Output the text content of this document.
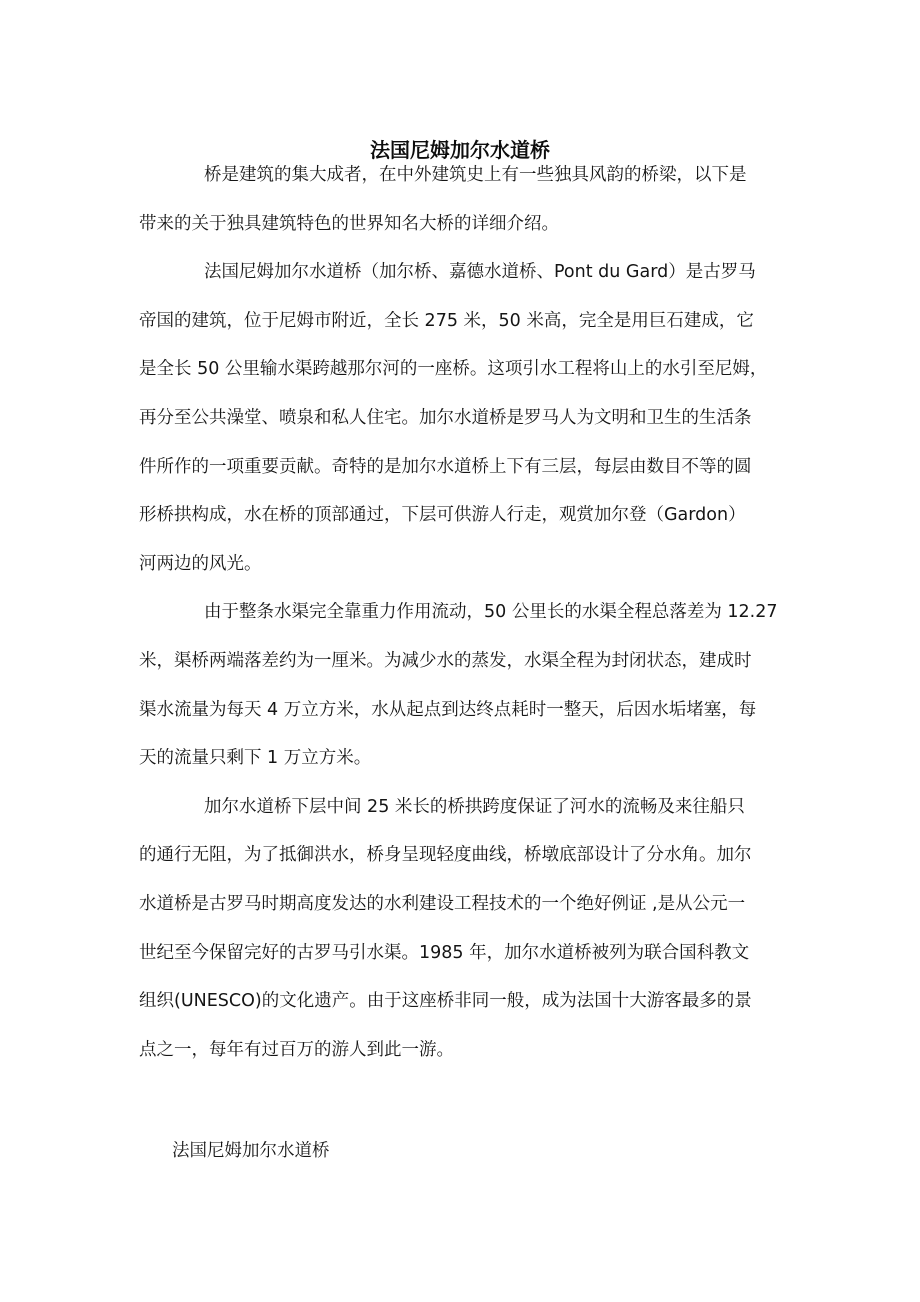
法国尼姆加尔水道桥

桥是建筑的集大成者，在中外建筑史上有一些独具风韵的桥梁，以下是
带来的关于独具建筑特色的世界知名大桥的详细介绍。

法国尼姆加尔水道桥（加尔桥、嘉德水道桥、Pont du Gard）是古罗马
帝国的建筑，位于尼姆市附近，全长 275 米，50 米高，完全是用巨石建成，它
是全长 50 公里输水渠跨越那尔河的一座桥。这项引水工程将山上的水引至尼姆，
再分至公共澡堂、喷泉和私人住宅。加尔水道桥是罗马人为文明和卫生的生活条
件所作的一项重要贡献。奇特的是加尔水道桥上下有三层，每层由数目不等的圆
形桥拱构成，水在桥的顶部通过，下层可供游人行走，观赏加尔登（Gardon）
河两边的风光。

由于整条水渠完全靠重力作用流动，50 公里长的水渠全程总落差为 12.27
米，渠桥两端落差约为一厘米。为减少水的蒸发，水渠全程为封闭状态，建成时
渠水流量为每天 4 万立方米，水从起点到达终点耗时一整天，后因水垢堵塞，每
天的流量只剩下 1 万立方米。

加尔水道桥下层中间 25 米长的桥拱跨度保证了河水的流畅及来往船只
的通行无阻，为了抵御洪水，桥身呈现轻度曲线，桥墩底部设计了分水角。加尔
水道桥是古罗马时期高度发达的水利建设工程技术的一个绝好例证 ,是从公元一
世纪至今保留完好的古罗马引水渠。1985 年，加尔水道桥被列为联合国科教文
组织(UNESCO)的文化遗产。由于这座桥非同一般，成为法国十大游客最多的景
点之一，每年有过百万的游人到此一游。

法国尼姆加尔水道桥
